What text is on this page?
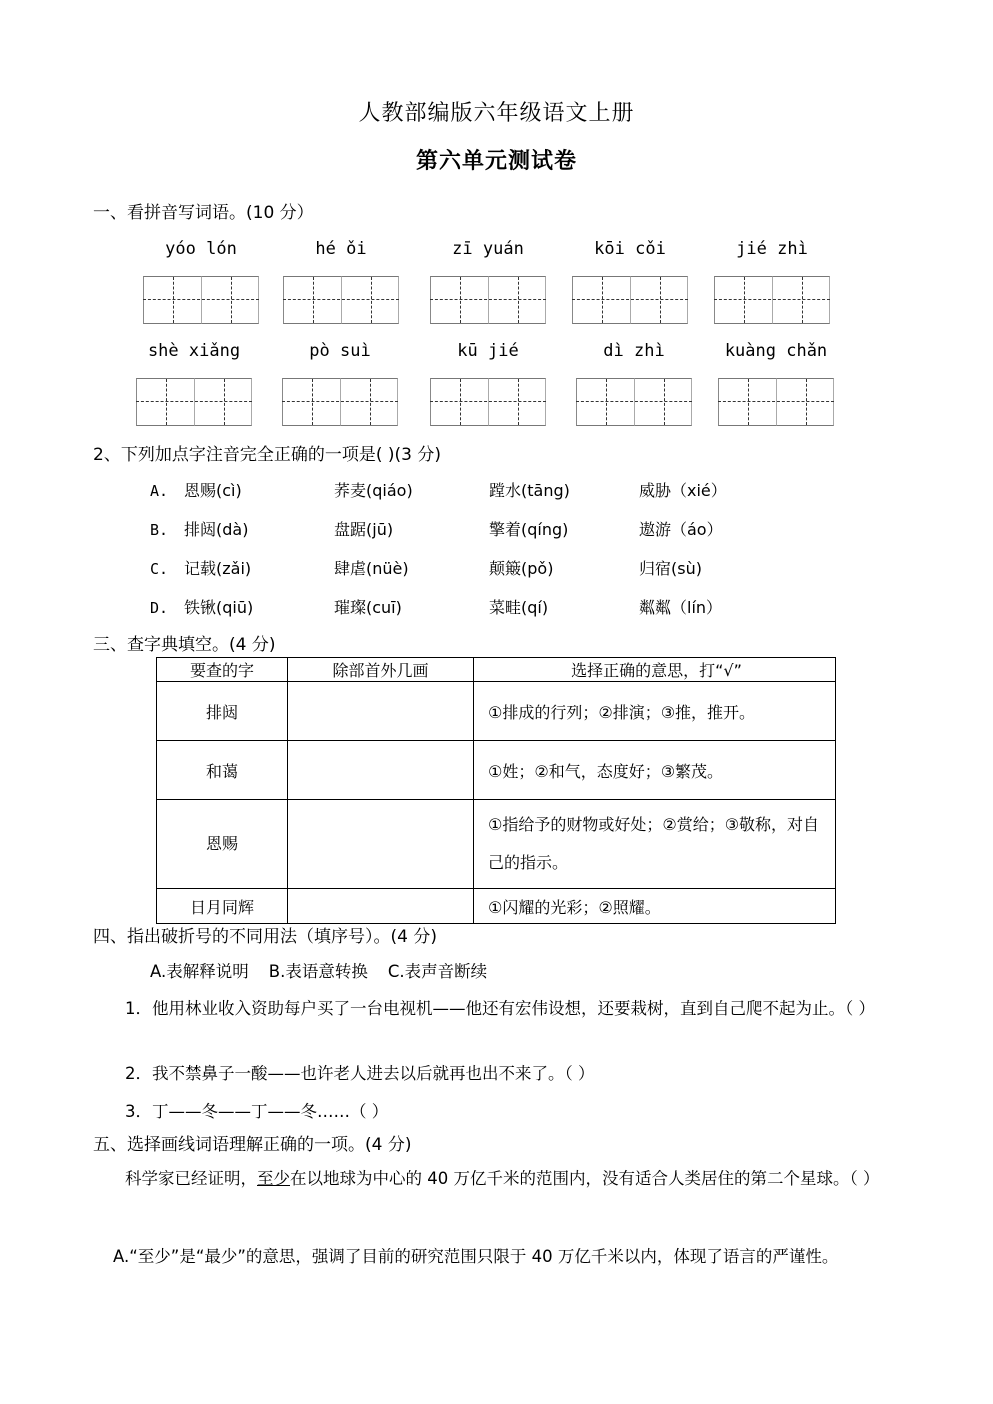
人教部编版六年级语文上册
第六单元测试卷
一、看拼音写词语。(10 分）
yóo lón	hé ǒi	zī yuán	kōi cǒi	jié zhì
shè xiǎng	pò suì	kū jié	dì zhì	kuàng chǎn
2、下列加点字注音完全正确的一项是( )(3 分)
A. 恩赐(cì)	荞麦(qiáo)	蹚水(tāng)	威胁（xié）
B. 排闼(dà)	盘踞(jū)	擎着(qíng)	遨游（áo）
C. 记载(zǎi)	肆虐(nüè)	颠簸(pǒ)	归宿(sù)
D. 铁锹(qiū)	璀璨(cuī)	菜畦(qí)	粼粼（lín）
三、查字典填空。(4 分)
要查的字	除部首外几画	选择正确的意思，打“√”
排闼		①排成的行列；②排演；③推，推开。
和蔼		①姓；②和气，态度好；③繁茂。
恩赐		①指给予的财物或好处；②赏给；③敬称，对自己的指示。
日月同辉		①闪耀的光彩；②照耀。
四、指出破折号的不同用法（填序号）。(4 分)
A.表解释说明 B.表语意转换 C.表声音断续
1．他用林业收入资助每户买了一台电视机——他还有宏伟设想，还要栽树，直到自己爬不起为止。（ ）
2．我不禁鼻子一酸——也许老人进去以后就再也出不来了。（ ）
3．丁——冬——丁——冬……（ ）
五、选择画线词语理解正确的一项。(4 分)
科学家已经证明，至少在以地球为中心的 40 万亿千米的范围内，没有适合人类居住的第二个星球。（ ）
A.“至少”是“最少”的意思，强调了目前的研究范围只限于 40 万亿千米以内，体现了语言的严谨性。
